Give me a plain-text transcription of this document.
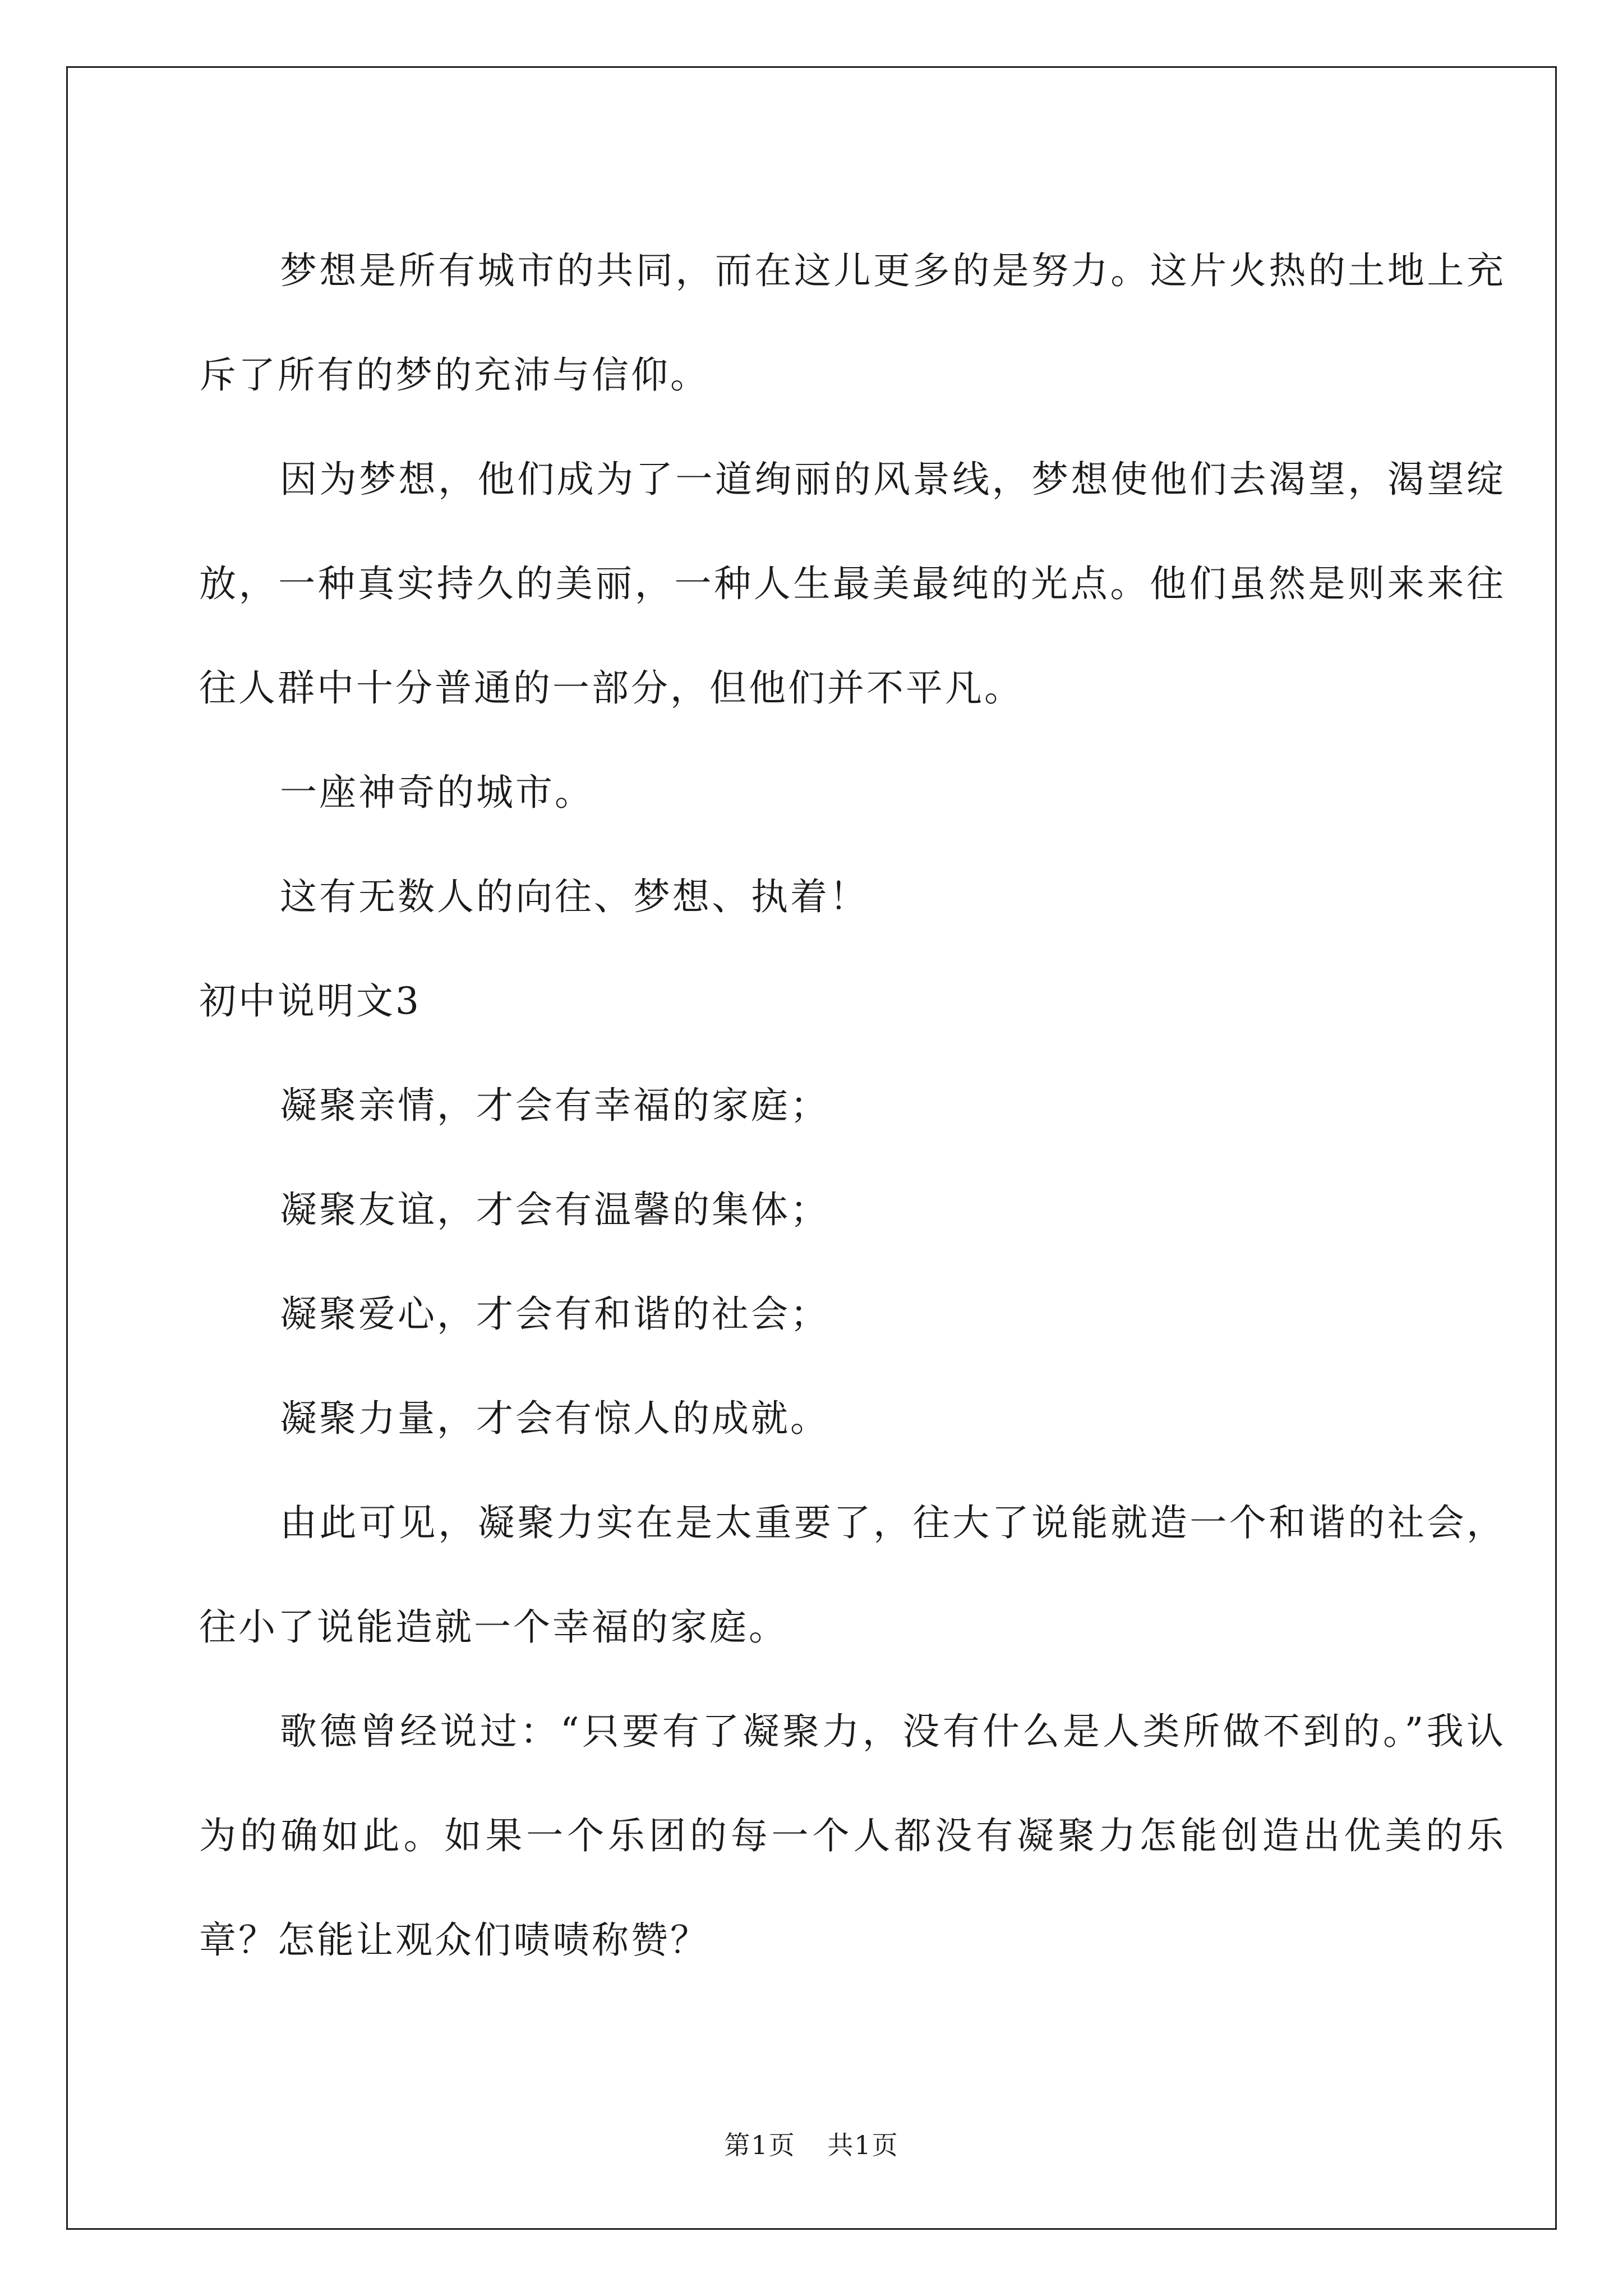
梦想是所有城市的共同，而在这儿更多的是努力。这片火热的土地上充斥了所有的梦的充沛与信仰。

因为梦想，他们成为了一道绚丽的风景线，梦想使他们去渴望，渴望绽放，一种真实持久的美丽，一种人生最美最纯的光点。他们虽然是则来来往往人群中十分普通的一部分，但他们并不平凡。

一座神奇的城市。

这有无数人的向往、梦想、执着！

初中说明文3

凝聚亲情，才会有幸福的家庭；

凝聚友谊，才会有温馨的集体；

凝聚爱心，才会有和谐的社会；

凝聚力量，才会有惊人的成就。

由此可见，凝聚力实在是太重要了，往大了说能就造一个和谐的社会，往小了说能造就一个幸福的家庭。

歌德曾经说过：“只要有了凝聚力，没有什么是人类所做不到的。”我认为的确如此。如果一个乐团的每一个人都没有凝聚力怎能创造出优美的乐章？怎能让观众们啧啧称赞？

第1页 共1页
